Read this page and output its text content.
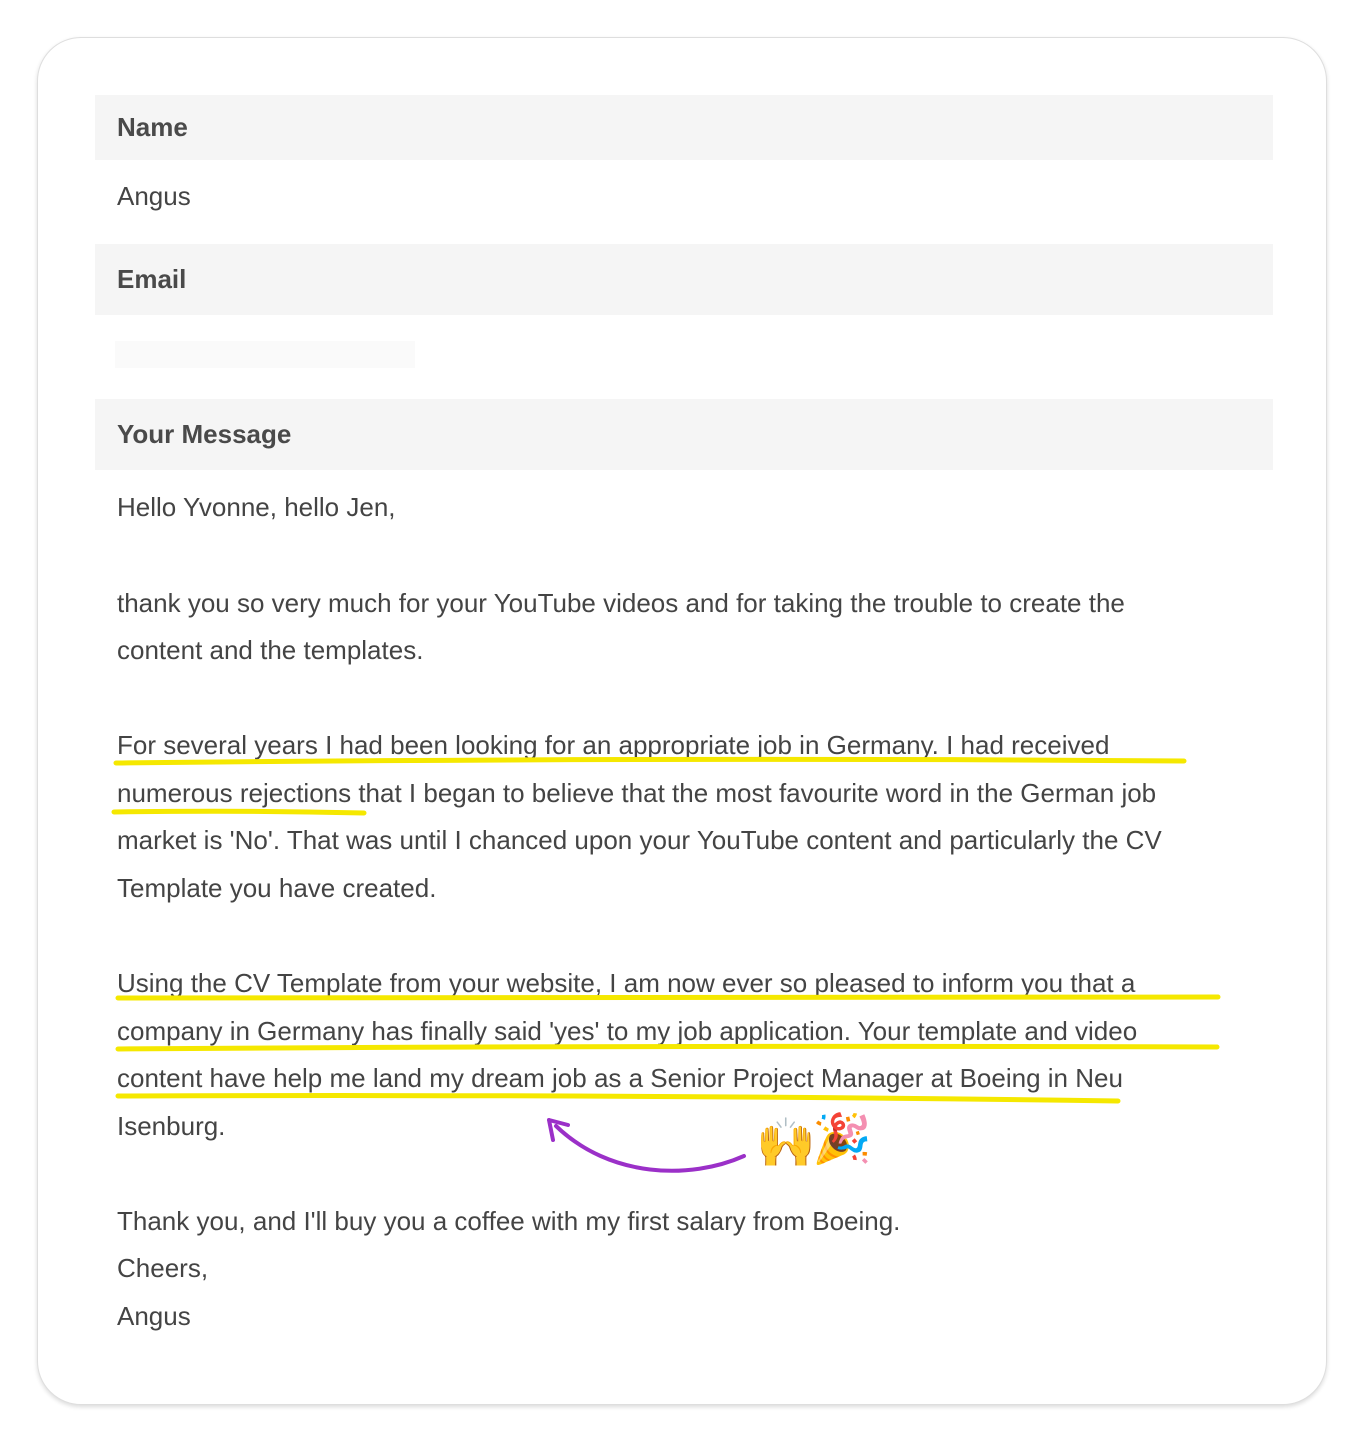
Name
Angus
Email
Your Message
Hello Yvonne, hello Jen,
thank you so very much for your YouTube videos and for taking the trouble to create the
content and the templates.
For several years I had been looking for an appropriate job in Germany. I had received
numerous rejections that I began to believe that the most favourite word in the German job
market is 'No'. That was until I chanced upon your YouTube content and particularly the CV
Template you have created.
Using the CV Template from your website, I am now ever so pleased to inform you that a
company in Germany has finally said 'yes' to my job application. Your template and video
content have help me land my dream job as a Senior Project Manager at Boeing in Neu
Isenburg.
Thank you, and I'll buy you a coffee with my first salary from Boeing.
Cheers,
Angus
🙌
🎉
